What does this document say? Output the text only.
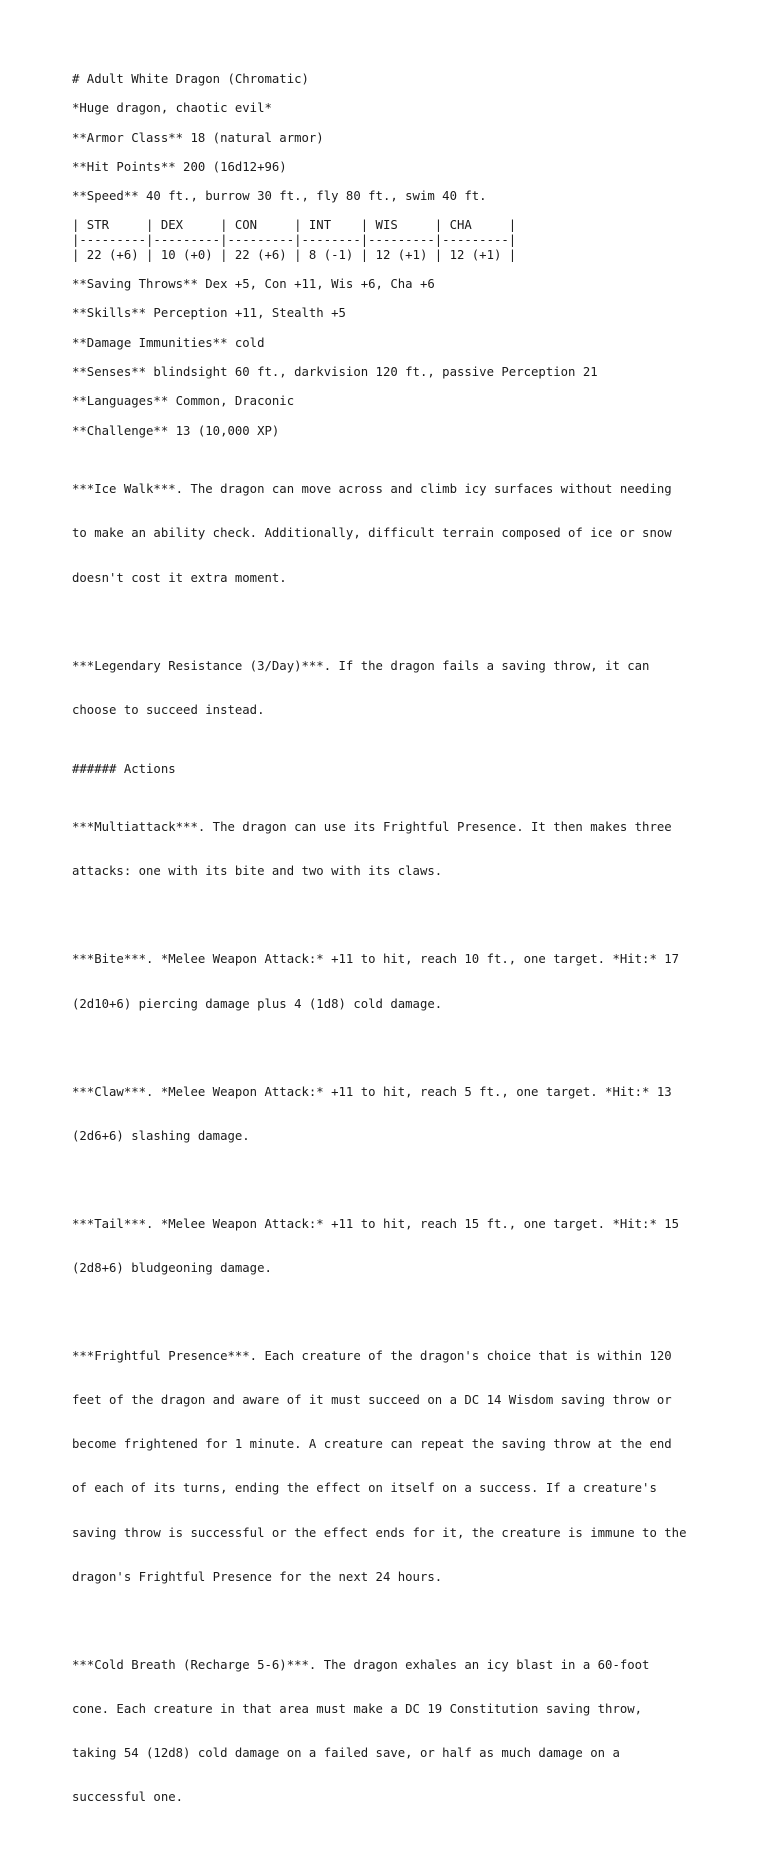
# Adult White Dragon (Chromatic)

*Huge dragon, chaotic evil*

**Armor Class** 18 (natural armor)

**Hit Points** 200 (16d12+96)

**Speed** 40 ft., burrow 30 ft., fly 80 ft., swim 40 ft.

| STR     | DEX     | CON     | INT    | WIS     | CHA     |
|---------|---------|---------|--------|---------|---------|
| 22 (+6) | 10 (+0) | 22 (+6) | 8 (-1) | 12 (+1) | 12 (+1) |

**Saving Throws** Dex +5, Con +11, Wis +6, Cha +6

**Skills** Perception +11, Stealth +5

**Damage Immunities** cold

**Senses** blindsight 60 ft., darkvision 120 ft., passive Perception 21

**Languages** Common, Draconic

**Challenge** 13 (10,000 XP)

***Ice Walk***. The dragon can move across and climb icy surfaces without needing

to make an ability check. Additionally, difficult terrain composed of ice or snow

doesn't cost it extra moment.

***Legendary Resistance (3/Day)***. If the dragon fails a saving throw, it can

choose to succeed instead.

###### Actions

***Multiattack***. The dragon can use its Frightful Presence. It then makes three

attacks: one with its bite and two with its claws.

***Bite***. *Melee Weapon Attack:* +11 to hit, reach 10 ft., one target. *Hit:* 17

(2d10+6) piercing damage plus 4 (1d8) cold damage.

***Claw***. *Melee Weapon Attack:* +11 to hit, reach 5 ft., one target. *Hit:* 13

(2d6+6) slashing damage.

***Tail***. *Melee Weapon Attack:* +11 to hit, reach 15 ft., one target. *Hit:* 15

(2d8+6) bludgeoning damage.

***Frightful Presence***. Each creature of the dragon's choice that is within 120

feet of the dragon and aware of it must succeed on a DC 14 Wisdom saving throw or

become frightened for 1 minute. A creature can repeat the saving throw at the end

of each of its turns, ending the effect on itself on a success. If a creature's

saving throw is successful or the effect ends for it, the creature is immune to the

dragon's Frightful Presence for the next 24 hours.

***Cold Breath (Recharge 5-6)***. The dragon exhales an icy blast in a 60-foot

cone. Each creature in that area must make a DC 19 Constitution saving throw,

taking 54 (12d8) cold damage on a failed save, or half as much damage on a

successful one.
